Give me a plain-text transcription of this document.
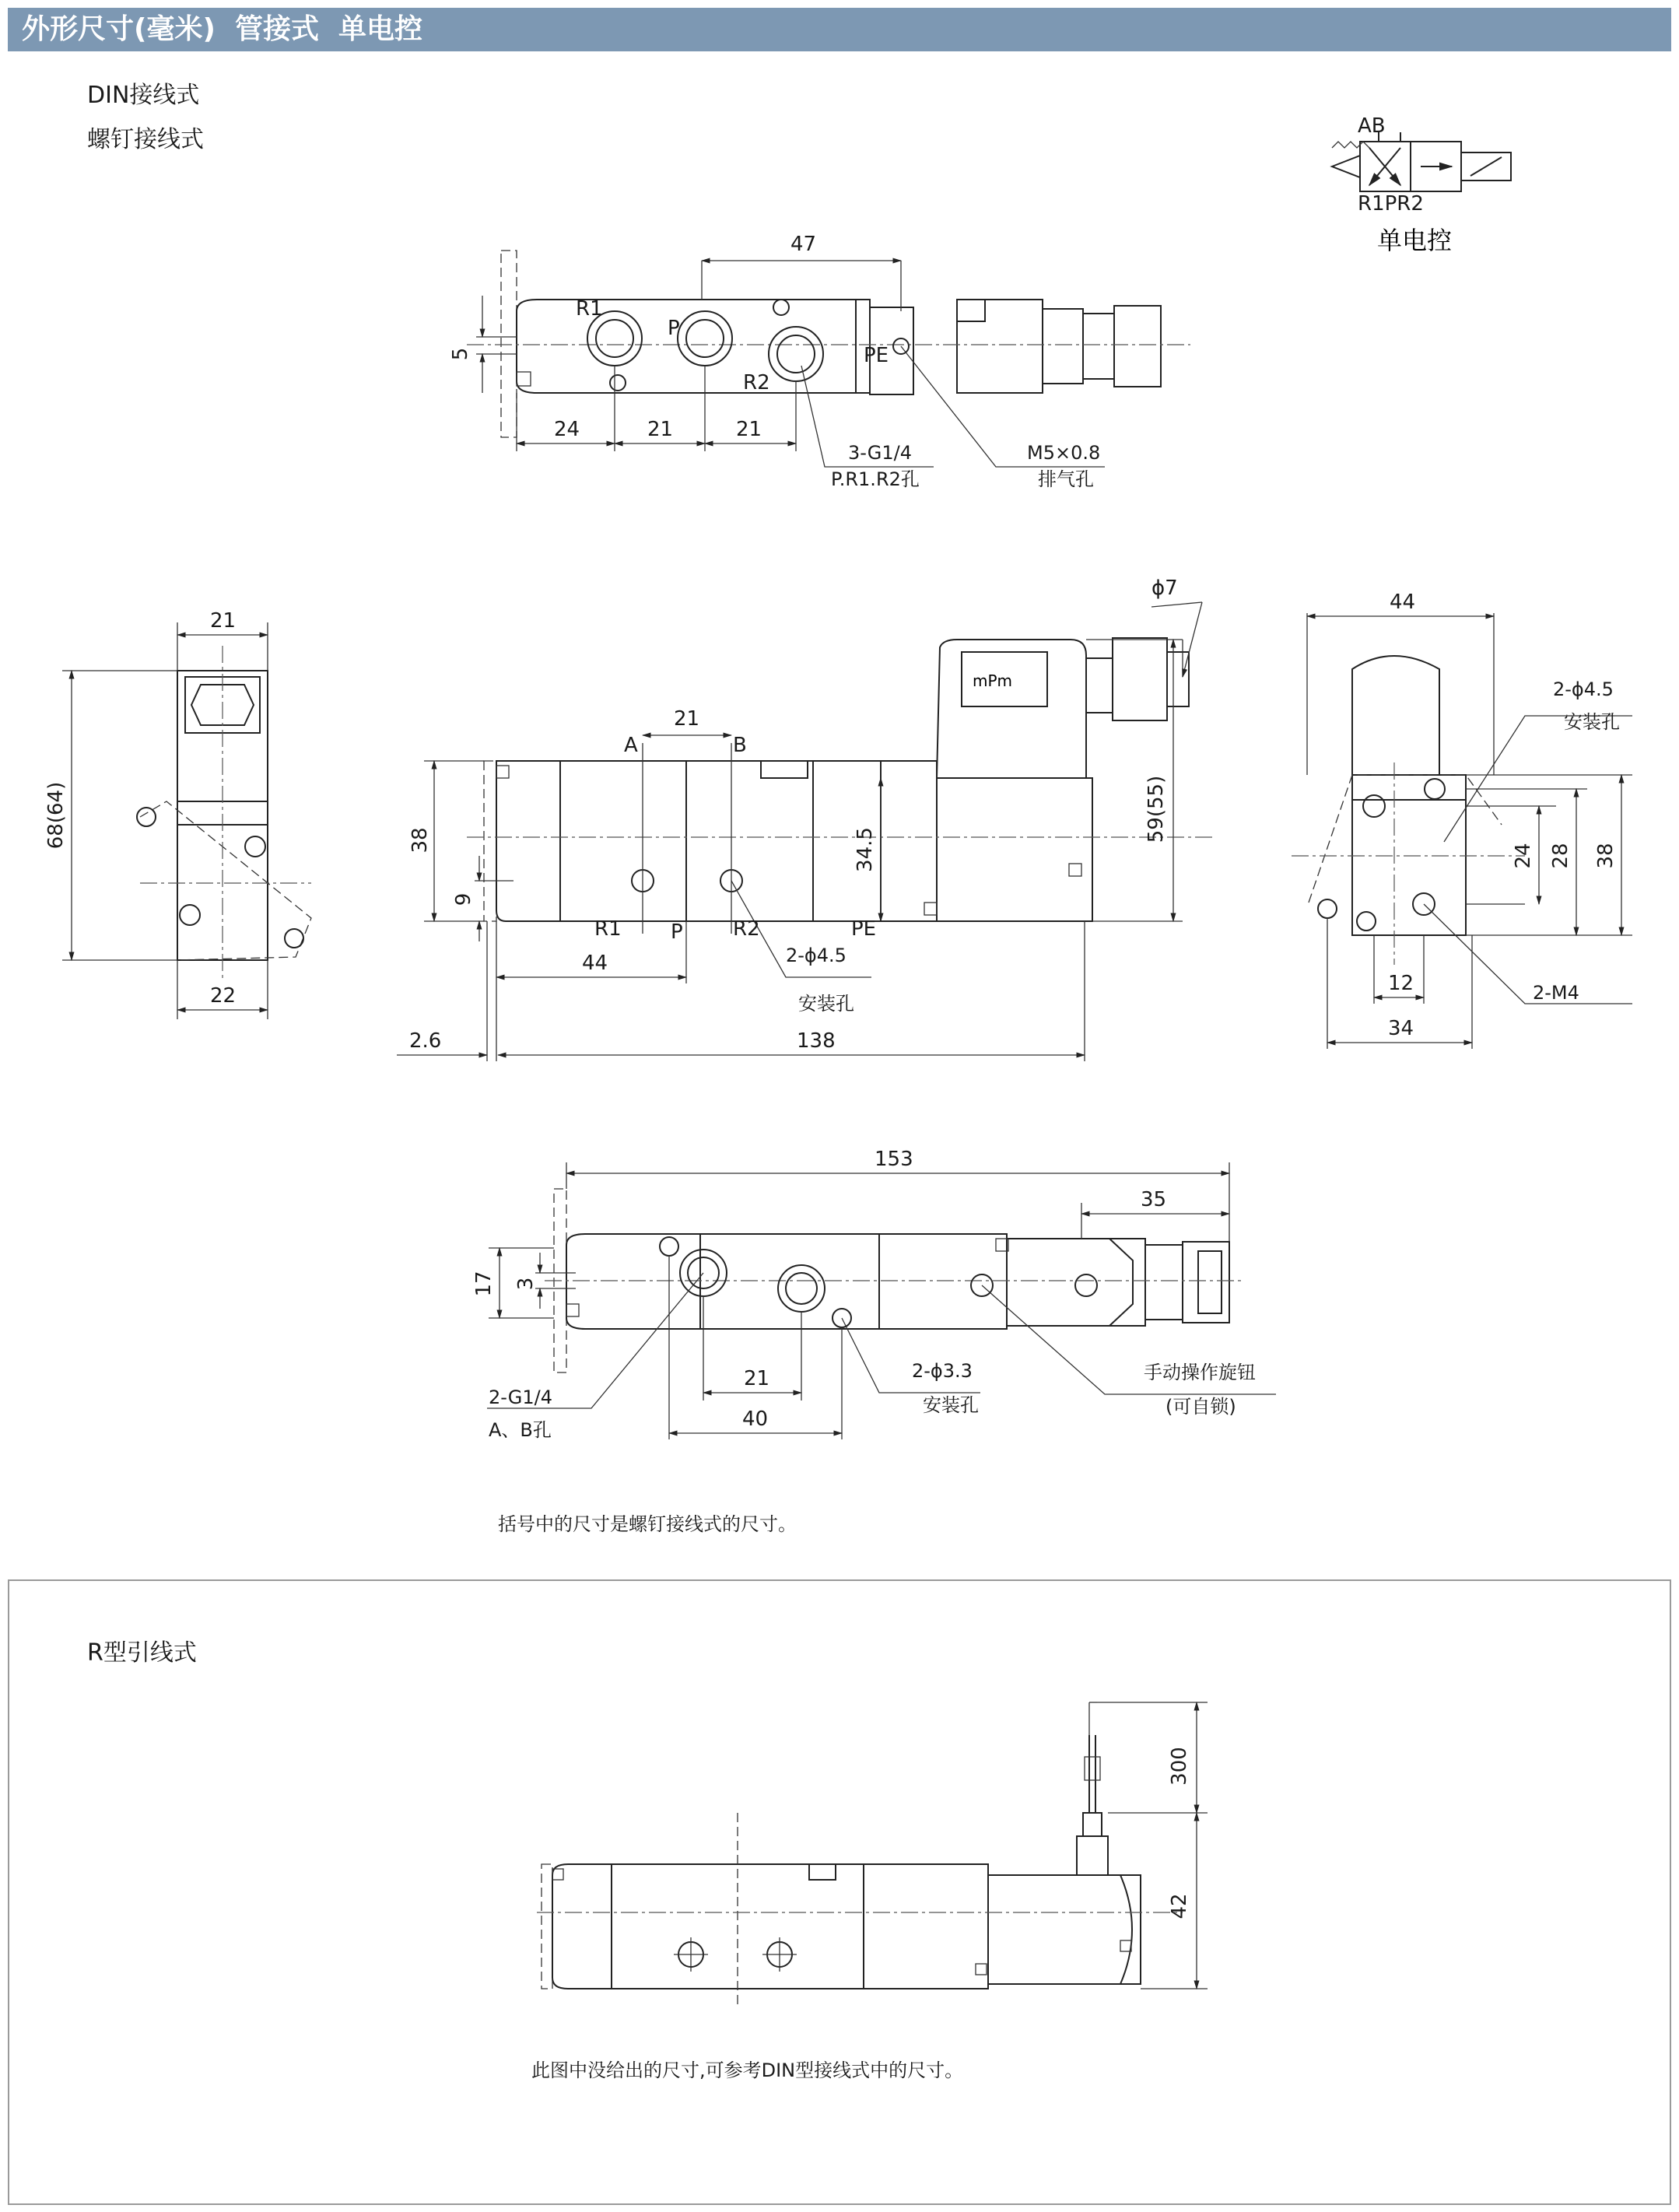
外形尺寸(毫米)  管接式  单电控
DIN接线式
螺钉接线式
R型引线式
括号中的尺寸是螺钉接线式的尺寸。
此图中没给出的尺寸,可参考DIN型接线式中的尺寸。
AB
R1PR2
单电控
47
5
24	21	21
R1
P
R2
PE
3-G1/4
P.R1.R2孔
M5×0.8
排气孔
21
68(64)
22
mPm
ϕ7
21
38
9
34.5
59(55)
44
2.6	138
A	B
R1 P R2	PE
2-ϕ4.5
安装孔
44
24 28 38
12
34
2-ϕ4.5
安装孔
2-M4
153
35
17 3
21
40
2-G1/4
A、B孔
2-ϕ3.3
安装孔
手动操作旋钮
(可自锁)
300
42
